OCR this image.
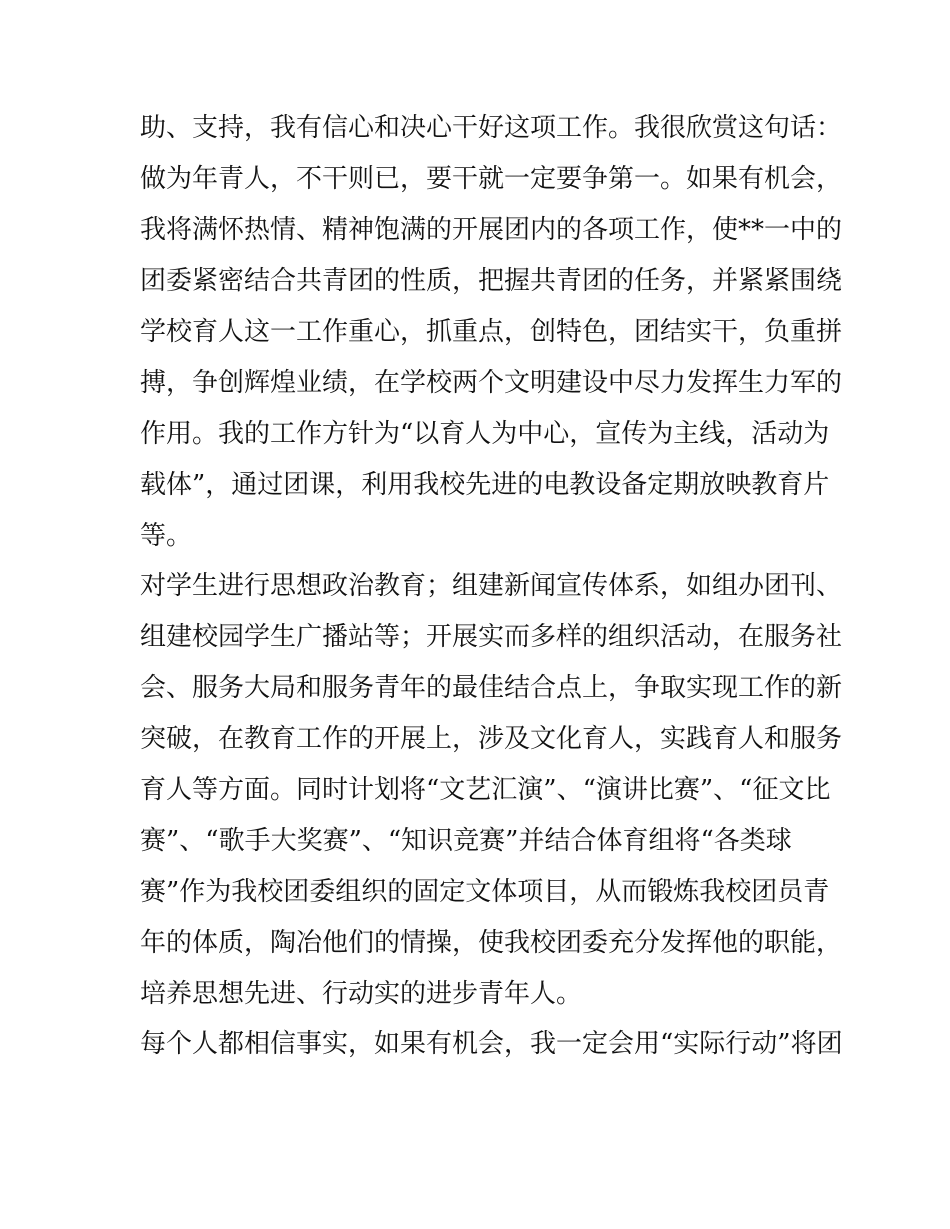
助、支持，我有信心和决心干好这项工作。我很欣赏这句话：
做为年青人，不干则已，要干就一定要争第一。如果有机会，
我将满怀热情、精神饱满的开展团内的各项工作，使**一中的
团委紧密结合共青团的性质，把握共青团的任务，并紧紧围绕
学校育人这一工作重心，抓重点，创特色，团结实干，负重拼
搏，争创辉煌业绩，在学校两个文明建设中尽力发挥生力军的
作用。我的工作方针为“以育人为中心，宣传为主线，活动为
载体”，通过团课，利用我校先进的电教设备定期放映教育片
等。
对学生进行思想政治教育；组建新闻宣传体系，如组办团刊、
组建校园学生广播站等；开展实而多样的组织活动，在服务社
会、服务大局和服务青年的最佳结合点上，争取实现工作的新
突破，在教育工作的开展上，涉及文化育人，实践育人和服务
育人等方面。同时计划将“文艺汇演”、“演讲比赛”、“征文比
赛”、“歌手大奖赛”、“知识竞赛”并结合体育组将“各类球
赛”作为我校团委组织的固定文体项目，从而锻炼我校团员青
年的体质，陶冶他们的情操，使我校团委充分发挥他的职能，
培养思想先进、行动实的进步青年人。
每个人都相信事实，如果有机会，我一定会用“实际行动”将团
